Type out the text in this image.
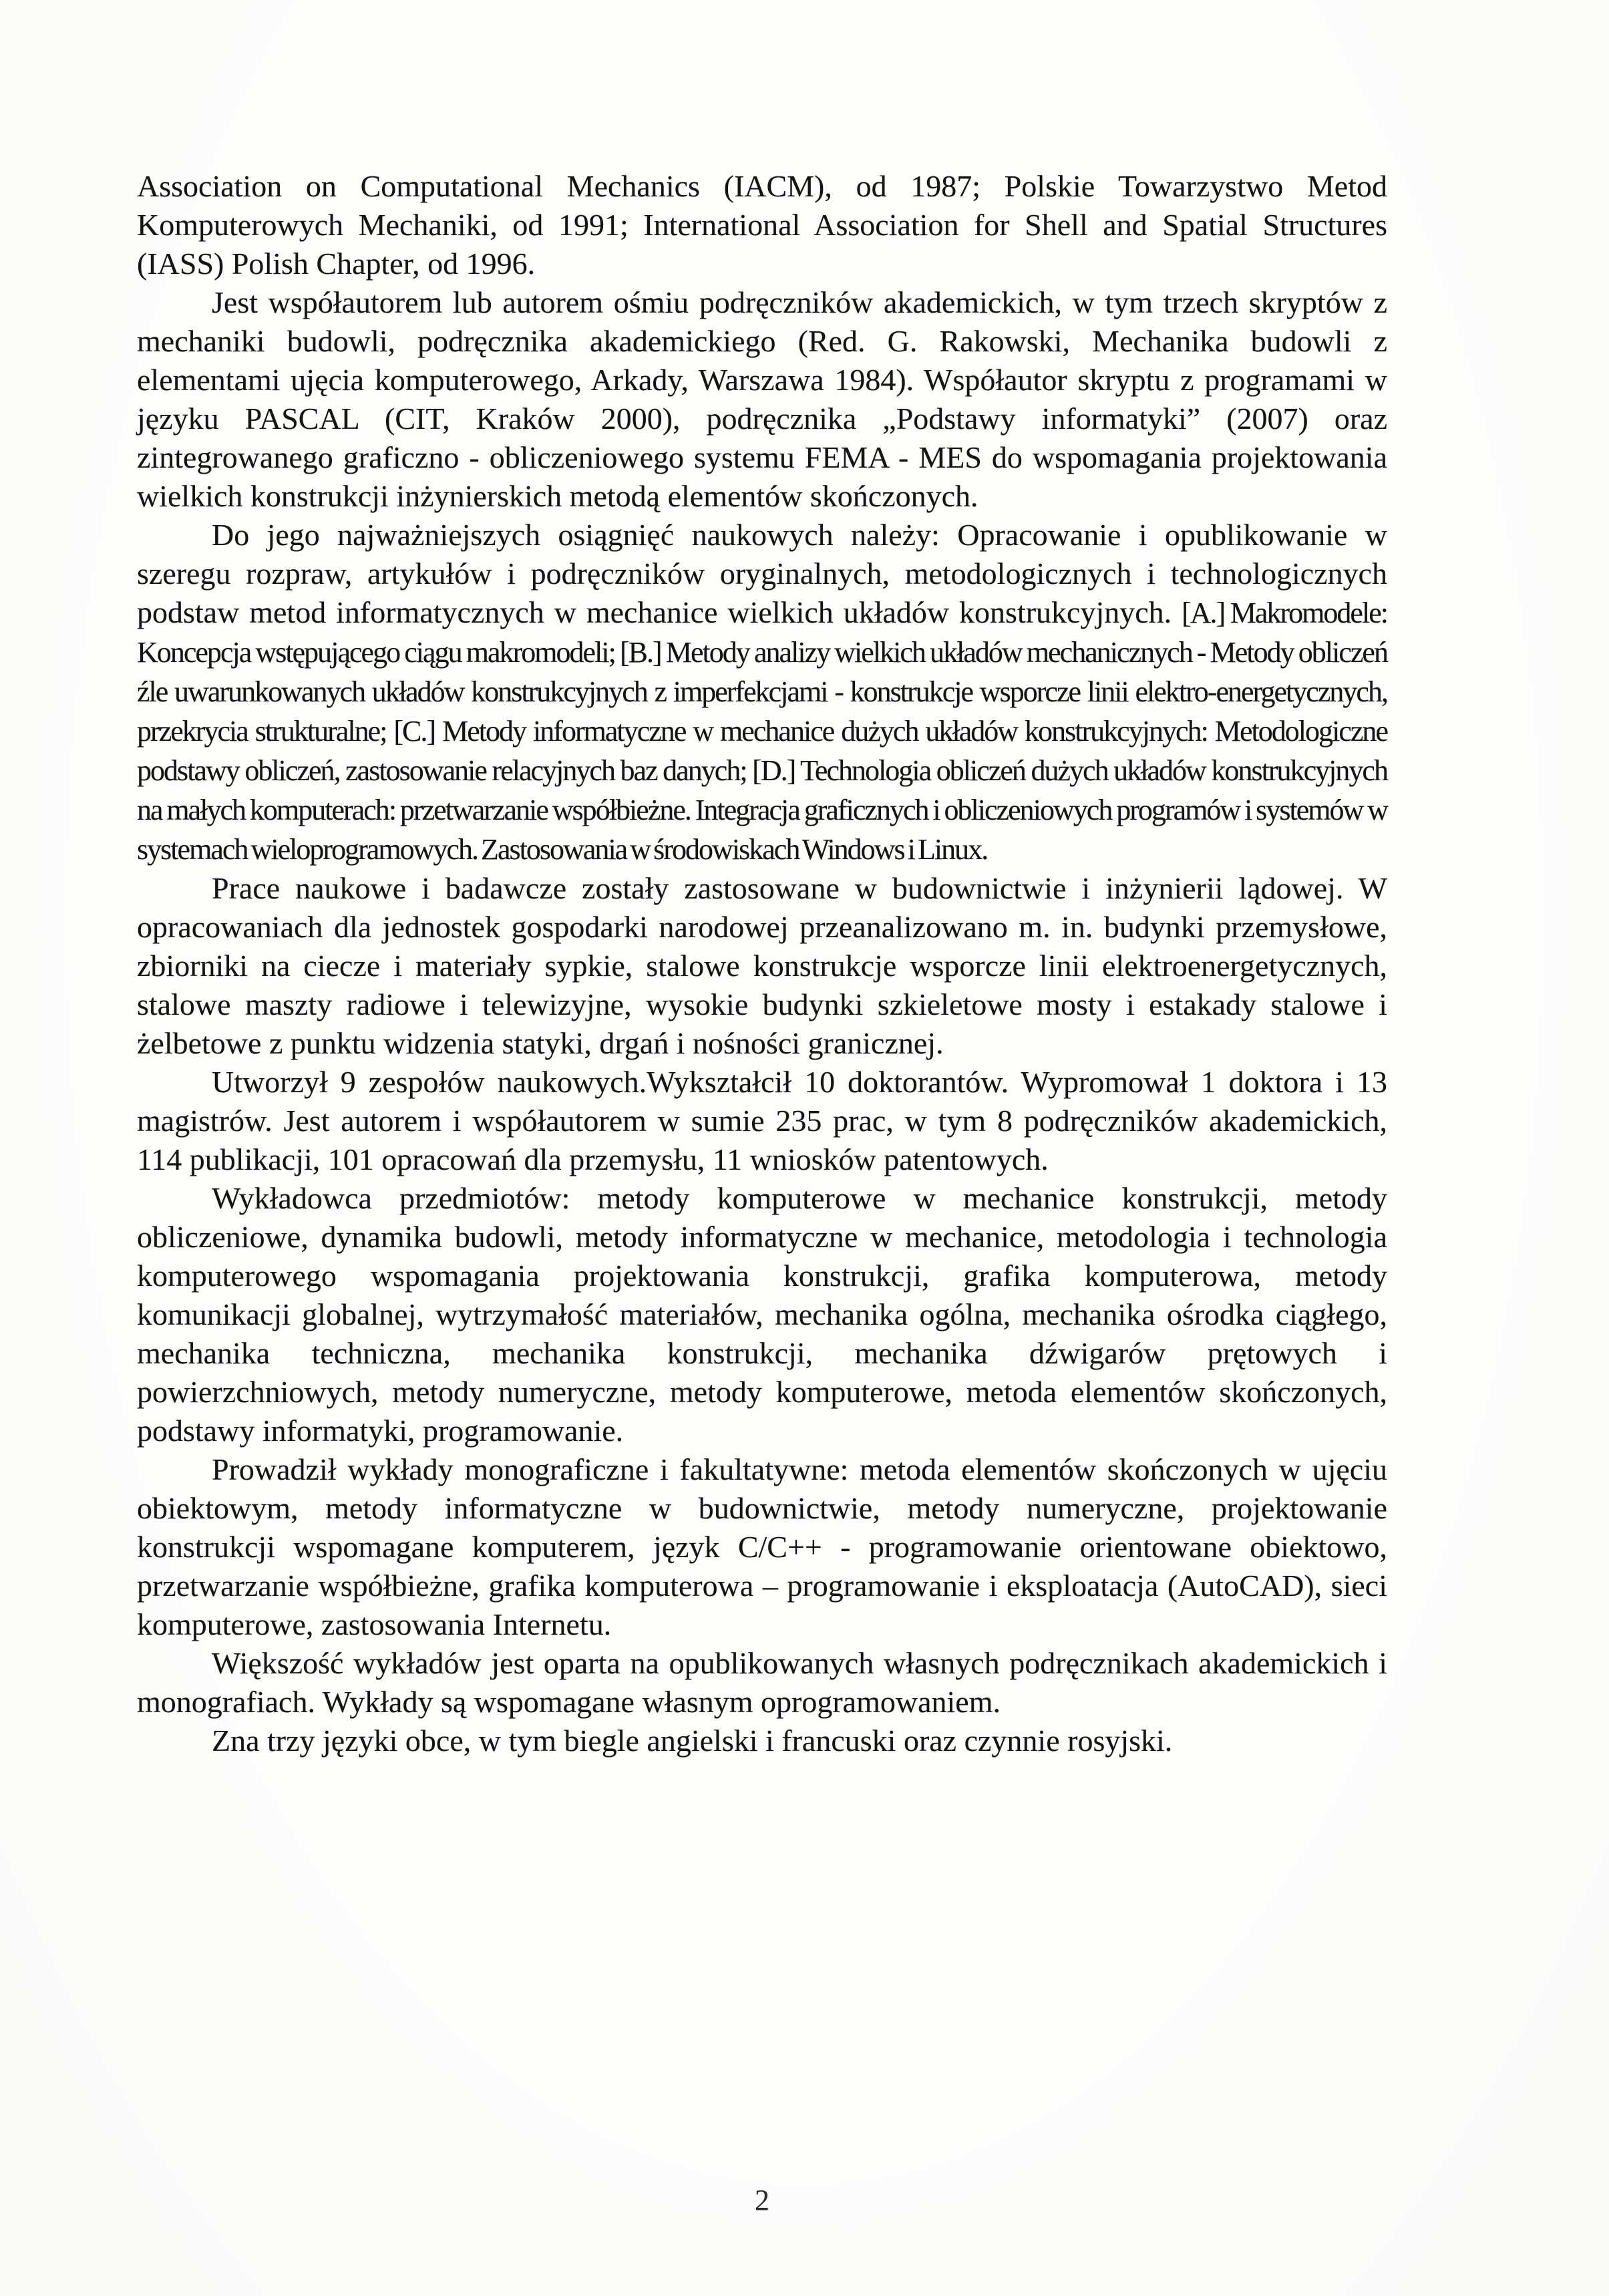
Association on Computational Mechanics (IACM), od 1987; Polskie Towarzystwo Metod Komputerowych Mechaniki, od 1991; International Association for Shell and Spatial Structures (IASS) Polish Chapter, od 1996.

Jest współautorem lub autorem ośmiu podręczników akademickich, w tym trzech skryptów z mechaniki budowli, podręcznika akademickiego (Red. G. Rakowski, Mechanika budowli z elementami ujęcia komputerowego, Arkady, Warszawa 1984). Współautor skryptu z programami w języku PASCAL (CIT, Kraków 2000), podręcznika „Podstawy informatyki” (2007) oraz zintegrowanego graficzno - obliczeniowego systemu FEMA - MES do wspomagania projektowania wielkich konstrukcji inżynierskich metodą elementów skończonych.

Do jego najważniejszych osiągnięć naukowych należy: Opracowanie i opublikowanie w szeregu rozpraw, artykułów i podręczników oryginalnych, metodologicznych i technologicznych podstaw metod informatycznych w mechanice wielkich układów konstrukcyjnych. [A.] Makromodele: Koncepcja wstępującego ciągu makromodeli; [B.] Metody analizy wielkich układów mechanicznych - Metody obliczeń źle uwarunkowanych układów konstrukcyjnych z imperfekcjami - konstrukcje wsporcze linii elektro-energetycznych, przekrycia strukturalne; [C.] Metody informatyczne w mechanice dużych układów konstrukcyjnych: Metodologiczne podstawy obliczeń, zastosowanie relacyjnych baz danych; [D.] Technologia obliczeń dużych układów konstrukcyjnych na małych komputerach: przetwarzanie współbieżne. Integracja graficznych i obliczeniowych programów i systemów w systemach wieloprogramowych. Zastosowania w środowiskach Windows i Linux.

Prace naukowe i badawcze zostały zastosowane w budownictwie i inżynierii lądowej. W opracowaniach dla jednostek gospodarki narodowej przeanalizowano m. in. budynki przemysłowe, zbiorniki na ciecze i materiały sypkie, stalowe konstrukcje wsporcze linii elektroenergetycznych, stalowe maszty radiowe i telewizyjne, wysokie budynki szkieletowe mosty i estakady stalowe i żelbetowe z punktu widzenia statyki, drgań i nośności granicznej.

Utworzył 9 zespołów naukowych.Wykształcił 10 doktorantów. Wypromował 1 doktora i 13 magistrów. Jest autorem i współautorem w sumie 235 prac, w tym 8 podręczników akademickich, 114 publikacji, 101 opracowań dla przemysłu, 11 wniosków patentowych.

Wykładowca przedmiotów: metody komputerowe w mechanice konstrukcji, metody obliczeniowe, dynamika budowli, metody informatyczne w mechanice, metodologia i technologia komputerowego wspomagania projektowania konstrukcji, grafika komputerowa, metody komunikacji globalnej, wytrzymałość materiałów, mechanika ogólna, mechanika ośrodka ciągłego, mechanika techniczna, mechanika konstrukcji, mechanika dźwigarów prętowych i powierzchniowych, metody numeryczne, metody komputerowe, metoda elementów skończonych, podstawy informatyki, programowanie.

Prowadził wykłady monograficzne i fakultatywne: metoda elementów skończonych w ujęciu obiektowym, metody informatyczne w budownictwie, metody numeryczne, projektowanie konstrukcji wspomagane komputerem, język C/C++ - programowanie orientowane obiektowo, przetwarzanie współbieżne, grafika komputerowa – programowanie i eksploatacja (AutoCAD), sieci komputerowe, zastosowania Internetu.

Większość wykładów jest oparta na opublikowanych własnych podręcznikach akademickich i monografiach. Wykłady są wspomagane własnym oprogramowaniem.

Zna trzy języki obce, w tym biegle angielski i francuski oraz czynnie rosyjski.

2
